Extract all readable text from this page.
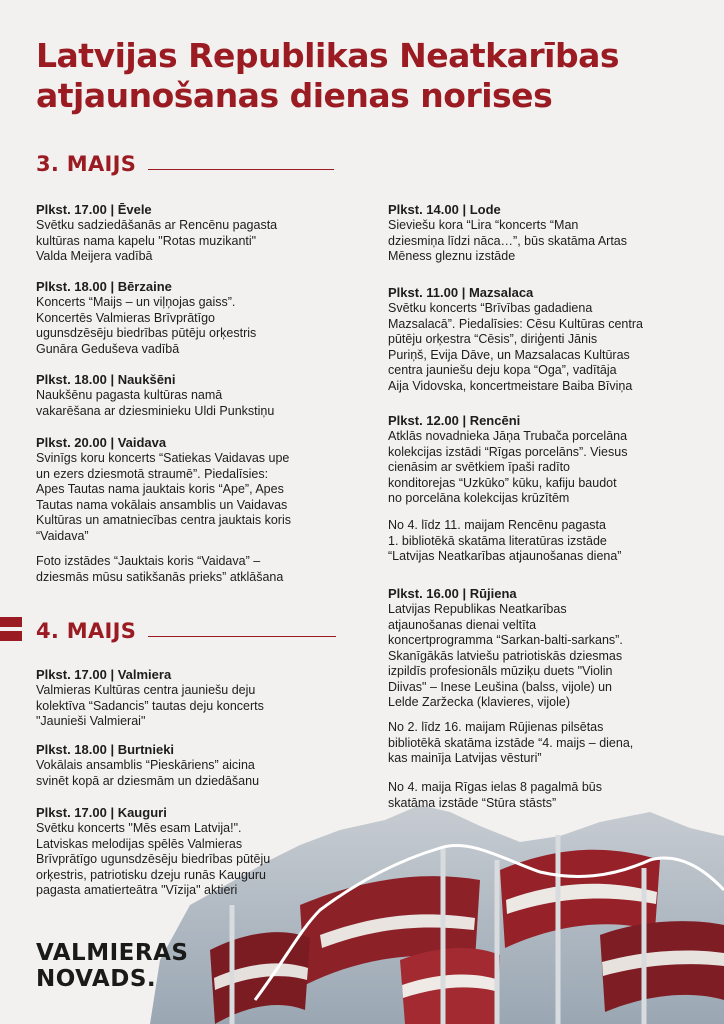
Latvijas Republikas Neatkarības
atjaunošanas dienas norises
3. MAIJS
4. MAIJS
Plkst. 17.00 | Ēvele
Svētku sadziedāšanās ar Rencēnu pagasta
kultūras nama kapelu "Rotas muzikanti"
Valda Meijera vadībā
Plkst. 18.00 | Bērzaine
Koncerts “Maijs – un viļņojas gaiss”.
Koncertēs Valmieras Brīvprātīgo
ugunsdzēsēju biedrības pūtēju orķestris
Gunāra Geduševa vadībā
Plkst. 18.00 | Naukšēni
Naukšēnu pagasta kultūras namā
vakarēšana ar dziesminieku Uldi Punkstiņu
Plkst. 20.00 | Vaidava
Svinīgs koru koncerts “Satiekas Vaidavas upe
un ezers dziesmotā straumē”. Piedalīsies:
Apes Tautas nama jauktais koris “Ape”, Apes
Tautas nama vokālais ansamblis un Vaidavas
Kultūras un amatniecības centra jauktais koris
“Vaidava”
Foto izstādes “Jauktais koris “Vaidava” –
dziesmās mūsu satikšanās prieks” atklāšana
Plkst. 17.00 | Valmiera
Valmieras Kultūras centra jauniešu deju
kolektīva “Sadancis” tautas deju koncerts
"Jaunieši Valmierai"
Plkst. 18.00 | Burtnieki
Vokālais ansamblis “Pieskāriens” aicina
svinēt kopā ar dziesmām un dziedāšanu
Plkst. 17.00 | Kauguri
Svētku koncerts "Mēs esam Latvija!".
Latviskas melodijas spēlēs Valmieras
Brīvprātīgo ugunsdzēsēju biedrības pūtēju
orķestris, patriotisku dzeju runās Kauguru
pagasta amatierteātra "Vīzija" aktieri
Plkst. 14.00 | Lode
Sieviešu kora “Lira “koncerts “Man
dziesmiņa līdzi nāca…”, būs skatāma Artas
Mēness gleznu izstāde
Plkst. 11.00 | Mazsalaca
Svētku koncerts “Brīvības gadadiena
Mazsalacā”. Piedalīsies: Cēsu Kultūras centra
pūtēju orķestra “Cēsis”, diriģenti Jānis
Puriņš, Evija Dāve, un Mazsalacas Kultūras
centra jauniešu deju kopa “Oga”, vadītāja
Aija Vidovska, koncertmeistare Baiba Bīviņa
Plkst. 12.00 | Rencēni
Atklās novadnieka Jāņa Trubača porcelāna
kolekcijas izstādi “Rīgas porcelāns”. Viesus
cienāsim ar svētkiem īpaši radīto
konditorejas “Uzkūko” kūku, kafiju baudot
no porcelāna kolekcijas krūzītēm
No 4. līdz 11. maijam Rencēnu pagasta
1. bibliotēkā skatāma literatūras izstāde
“Latvijas Neatkarības atjaunošanas diena”
Plkst. 16.00 | Rūjiena
Latvijas Republikas Neatkarības
atjaunošanas dienai veltīta
koncertprogramma “Sarkan-balti-sarkans”.
Skanīgākās latviešu patriotiskās dziesmas
izpildīs profesionāls mūziķu duets "Violin
Diivas" – Inese Leušina (balss, vijole) un
Lelde Zaržecka (klavieres, vijole)
No 2. līdz 16. maijam Rūjienas pilsētas
bibliotēkā skatāma izstāde “4. maijs – diena,
kas mainīja Latvijas vēsturi”
No 4. maija Rīgas ielas 8 pagalmā būs
skatāma izstāde “Stūra stāsts”
VALMIERAS
NOVADS.
